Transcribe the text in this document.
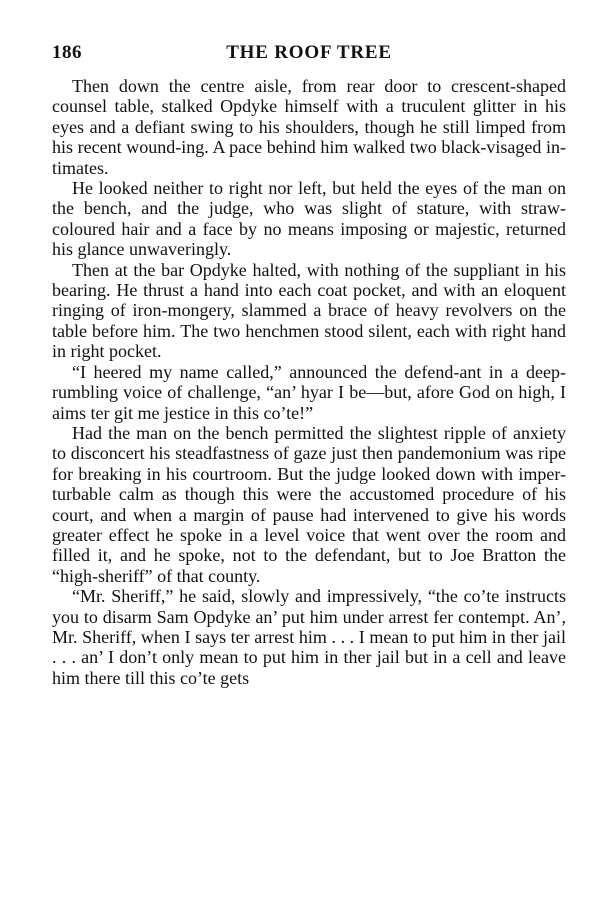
186	THE ROOF TREE

Then down the centre aisle, from rear door to crescent-shaped counsel table, stalked Opdyke himself with a truculent glitter in his eyes and a defiant swing to his shoulders, though he still limped from his recent wound-ing. A pace behind him walked two black-visaged in-timates.

He looked neither to right nor left, but held the eyes of the man on the bench, and the judge, who was slight of stature, with straw-coloured hair and a face by no means imposing or majestic, returned his glance unwaveringly.

Then at the bar Opdyke halted, with nothing of the suppliant in his bearing. He thrust a hand into each coat pocket, and with an eloquent ringing of iron-mongery, slammed a brace of heavy revolvers on the table before him. The two henchmen stood silent, each with right hand in right pocket.

“I heered my name called,” announced the defend-ant in a deep-rumbling voice of challenge, “an’ hyar I be—but, afore God on high, I aims ter git me jestice in this co’te!”

Had the man on the bench permitted the slightest ripple of anxiety to disconcert his steadfastness of gaze just then pandemonium was ripe for breaking in his courtroom. But the judge looked down with imper-turbable calm as though this were the accustomed procedure of his court, and when a margin of pause had intervened to give his words greater effect he spoke in a level voice that went over the room and filled it, and he spoke, not to the defendant, but to Joe Bratton the “high-sheriff” of that county.

“Mr. Sheriff,” he said, slowly and impressively, “the co’te instructs you to disarm Sam Opdyke an’ put him under arrest fer contempt. An’, Mr. Sheriff, when I says ter arrest him . . . I mean to put him in ther jail . . . an’ I don’t only mean to put him in ther jail but in a cell and leave him there till this co’te gets
